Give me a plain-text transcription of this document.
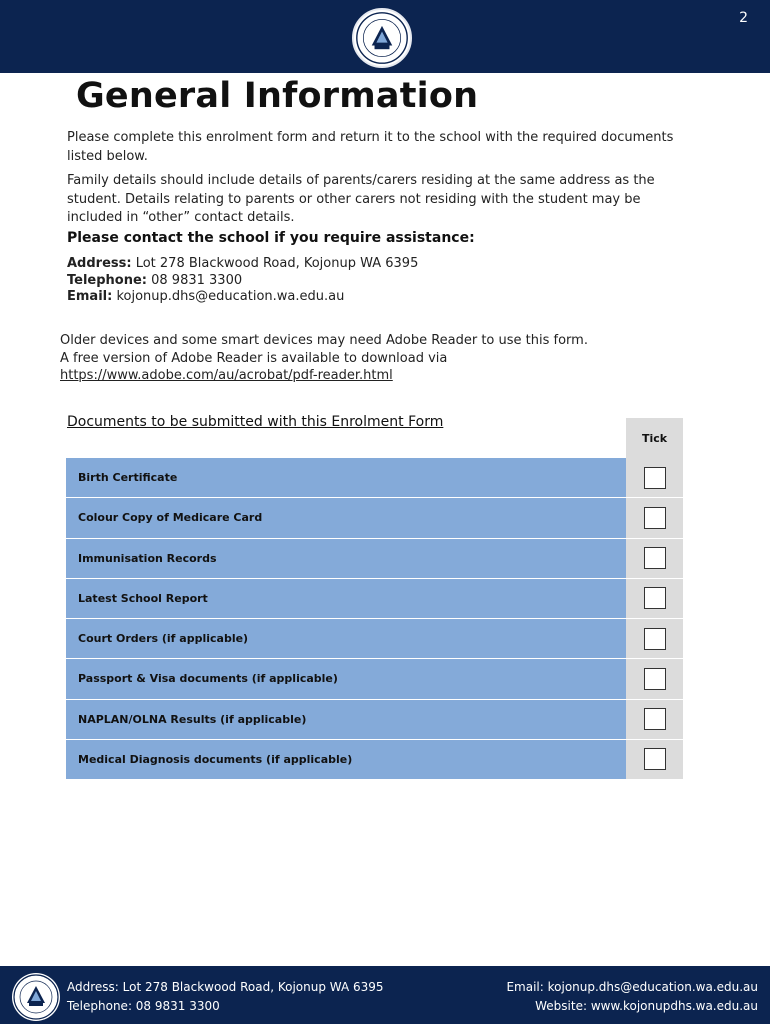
2
General Information

Please complete this enrolment form and return it to the school with the required documents listed below.

Family details should include details of parents/carers residing at the same address as the student. Details relating to parents or other carers not residing with the student may be included in “other” contact details.

Please contact the school if you require assistance:

Address: Lot 278 Blackwood Road, Kojonup WA 6395
Telephone: 08 9831 3300
Email: kojonup.dhs@education.wa.edu.au
Older devices and some smart devices may need Adobe Reader to use this form.
A free version of Adobe Reader is available to download via
https://www.adobe.com/au/acrobat/pdf-reader.html
Documents to be submitted with this Enrolment Form
Tick
Birth Certificate
Colour Copy of Medicare Card
Immunisation Records
Latest School Report
Court Orders (if applicable)
Passport & Visa documents (if applicable)
NAPLAN/OLNA Results (if applicable)
Medical Diagnosis documents (if applicable)
Address: Lot 278 Blackwood Road, Kojonup WA 6395
Telephone: 08 9831 3300
Email: kojonup.dhs@education.wa.edu.au
Website: www.kojonupdhs.wa.edu.au
